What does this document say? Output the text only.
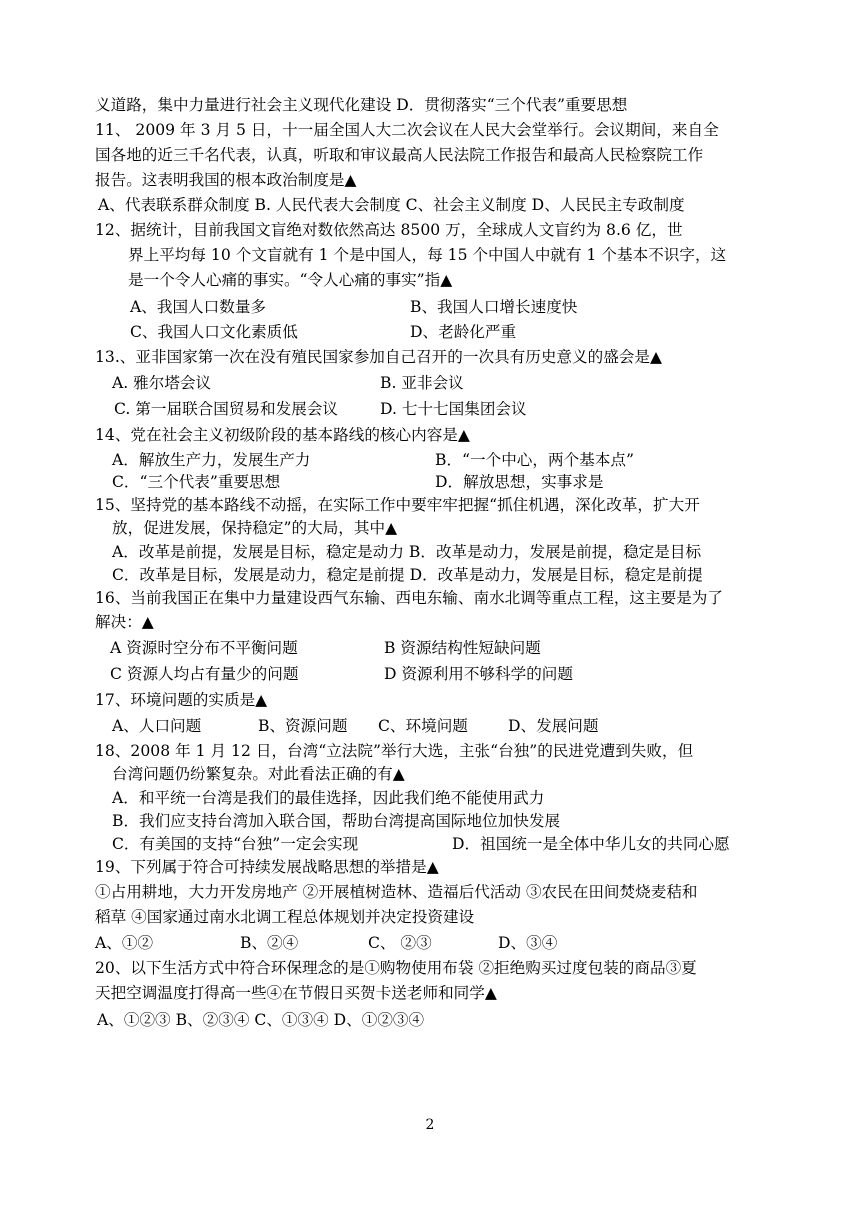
义道路，集中力量进行社会主义现代化建设 D．贯彻落实“三个代表”重要思想
11、 2009 年 3 月 5 日，十一届全国人大二次会议在人民大会堂举行。会议期间，来自全
国各地的近三千名代表，认真，听取和审议最高人民法院工作报告和最高人民检察院工作
报告。这表明我国的根本政治制度是▲
A、代表联系群众制度 B. 人民代表大会制度 C、社会主义制度 D、人民民主专政制度
12、据统计，目前我国文盲绝对数依然高达 8500 万，全球成人文盲约为 8.6 亿，世
界上平均每 10 个文盲就有 1 个是中国人，每 15 个中国人中就有 1 个基本不识字，这
是一个令人心痛的事实。“令人心痛的事实”指▲
A、我国人口数量多	B、我国人口增长速度快
C、我国人口文化素质低	D、老龄化严重
13.、亚非国家第一次在没有殖民国家参加自己召开的一次具有历史意义的盛会是▲
A. 雅尔塔会议	B. 亚非会议
C. 第一届联合国贸易和发展会议	D. 七十七国集团会议
14、党在社会主义初级阶段的基本路线的核心内容是▲
A．解放生产力，发展生产力	B．“一个中心，两个基本点”
C．“三个代表”重要思想	D．解放思想，实事求是
15、坚持党的基本路线不动摇，在实际工作中要牢牢把握“抓住机遇，深化改革，扩大开
放，促进发展，保持稳定”的大局，其中▲
A．改革是前提，发展是目标，稳定是动力 B．改革是动力，发展是前提，稳定是目标
C．改革是目标，发展是动力，稳定是前提 D．改革是动力，发展是目标，稳定是前提
16、当前我国正在集中力量建设西气东输、西电东输、南水北调等重点工程，这主要是为了
解决：▲
A 资源时空分布不平衡问题	B 资源结构性短缺问题
C 资源人均占有量少的问题	D 资源利用不够科学的问题
17、环境问题的实质是▲
A、人口问题	B、资源问题 C、环境问题	D、发展问题
18、2008 年 1 月 12 日，台湾“立法院”举行大选，主张“台独”的民进党遭到失败，但
台湾问题仍纷繁复杂。对此看法正确的有▲
A．和平统一台湾是我们的最佳选择，因此我们绝不能使用武力
B．我们应支持台湾加入联合国，帮助台湾提高国际地位加快发展
C．有美国的支持“台独”一定会实现	D．祖国统一是全体中华儿女的共同心愿
19、下列属于符合可持续发展战略思想的举措是▲
①占用耕地，大力开发房地产 ②开展植树造林、造福后代活动 ③农民在田间焚烧麦秸和
稻草 ④国家通过南水北调工程总体规划并决定投资建设
A、①②	B、②④	C、 ②③	D、③④
20、以下生活方式中符合环保理念的是①购物使用布袋 ②拒绝购买过度包装的商品③夏
天把空调温度打得高一些④在节假日买贺卡送老师和同学▲
A、①②③ B、②③④ C、①③④ D、①②③④
2
